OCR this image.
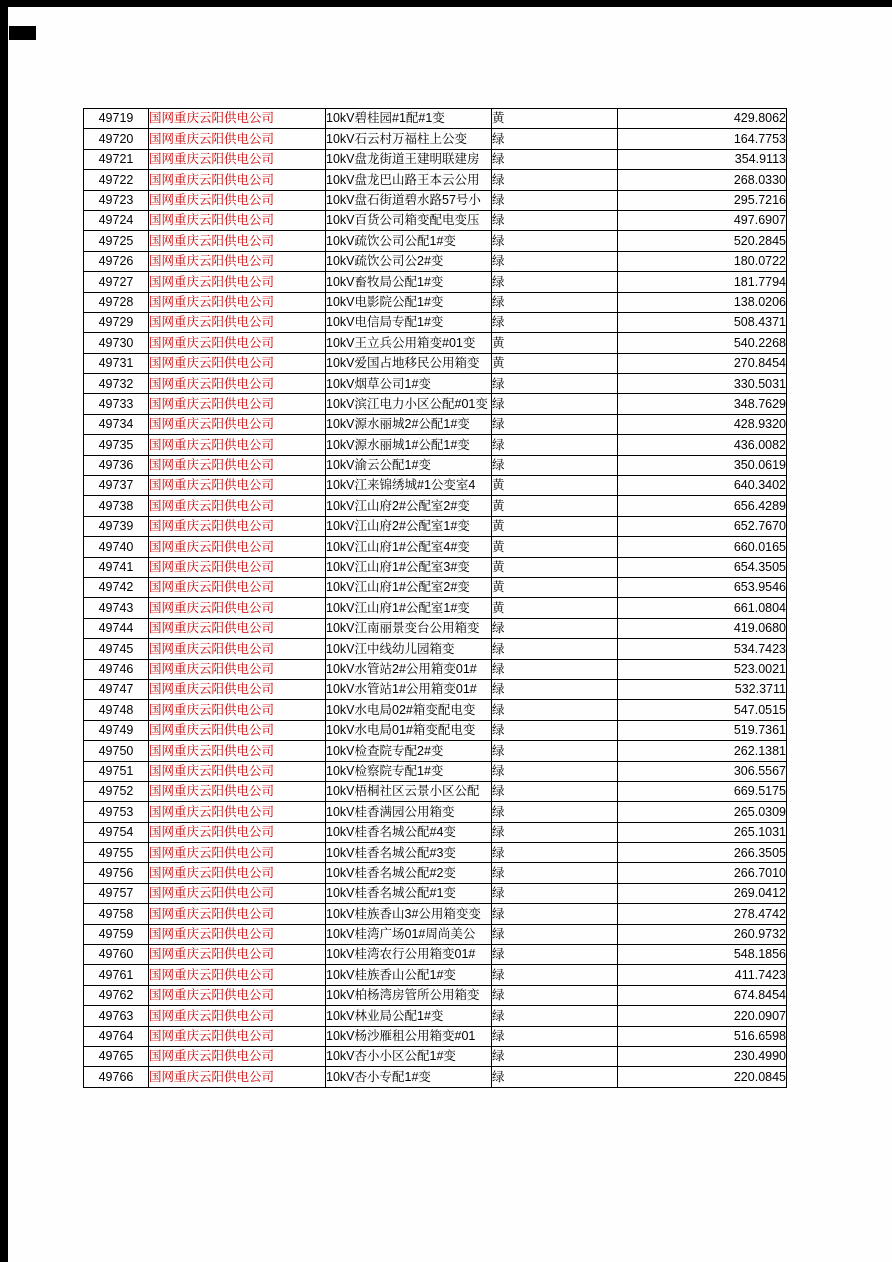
49719	国网重庆云阳供电公司	10kV碧桂园#1配#1变	黄	429.8062
49720	国网重庆云阳供电公司	10kV石云村万福柱上公变	绿	164.7753
49721	国网重庆云阳供电公司	10kV盘龙街道王建明联建房	绿	354.9113
49722	国网重庆云阳供电公司	10kV盘龙巴山路王本云公用	绿	268.0330
49723	国网重庆云阳供电公司	10kV盘石街道碧水路57号小	绿	295.7216
49724	国网重庆云阳供电公司	10kV百货公司箱变配电变压	绿	497.6907
49725	国网重庆云阳供电公司	10kV疏饮公司公配1#变	绿	520.2845
49726	国网重庆云阳供电公司	10kV疏饮公司公2#变	绿	180.0722
49727	国网重庆云阳供电公司	10kV畜牧局公配1#变	绿	181.7794
49728	国网重庆云阳供电公司	10kV电影院公配1#变	绿	138.0206
49729	国网重庆云阳供电公司	10kV电信局专配1#变	绿	508.4371
49730	国网重庆云阳供电公司	10kV王立兵公用箱变#01变	黄	540.2268
49731	国网重庆云阳供电公司	10kV爱国占地移民公用箱变	黄	270.8454
49732	国网重庆云阳供电公司	10kV烟草公司1#变	绿	330.5031
49733	国网重庆云阳供电公司	10kV滨江电力小区公配#01变	绿	348.7629
49734	国网重庆云阳供电公司	10kV源水丽城2#公配1#变	绿	428.9320
49735	国网重庆云阳供电公司	10kV源水丽城1#公配1#变	绿	436.0082
49736	国网重庆云阳供电公司	10kV渝云公配1#变	绿	350.0619
49737	国网重庆云阳供电公司	10kV江来锦绣城#1公变室4	黄	640.3402
49738	国网重庆云阳供电公司	10kV江山府2#公配室2#变	黄	656.4289
49739	国网重庆云阳供电公司	10kV江山府2#公配室1#变	黄	652.7670
49740	国网重庆云阳供电公司	10kV江山府1#公配室4#变	黄	660.0165
49741	国网重庆云阳供电公司	10kV江山府1#公配室3#变	黄	654.3505
49742	国网重庆云阳供电公司	10kV江山府1#公配室2#变	黄	653.9546
49743	国网重庆云阳供电公司	10kV江山府1#公配室1#变	黄	661.0804
49744	国网重庆云阳供电公司	10kV江南丽景变台公用箱变	绿	419.0680
49745	国网重庆云阳供电公司	10kV江中线幼儿园箱变	绿	534.7423
49746	国网重庆云阳供电公司	10kV水管站2#公用箱变01#	绿	523.0021
49747	国网重庆云阳供电公司	10kV水管站1#公用箱变01#	绿	532.3711
49748	国网重庆云阳供电公司	10kV水电局02#箱变配电变	绿	547.0515
49749	国网重庆云阳供电公司	10kV水电局01#箱变配电变	绿	519.7361
49750	国网重庆云阳供电公司	10kV检查院专配2#变	绿	262.1381
49751	国网重庆云阳供电公司	10kV检察院专配1#变	绿	306.5567
49752	国网重庆云阳供电公司	10kV梧桐社区云景小区公配	绿	669.5175
49753	国网重庆云阳供电公司	10kV桂香满园公用箱变	绿	265.0309
49754	国网重庆云阳供电公司	10kV桂香名城公配#4变	绿	265.1031
49755	国网重庆云阳供电公司	10kV桂香名城公配#3变	绿	266.3505
49756	国网重庆云阳供电公司	10kV桂香名城公配#2变	绿	266.7010
49757	国网重庆云阳供电公司	10kV桂香名城公配#1变	绿	269.0412
49758	国网重庆云阳供电公司	10kV桂族香山3#公用箱变变	绿	278.4742
49759	国网重庆云阳供电公司	10kV桂湾广场01#周尚美公	绿	260.9732
49760	国网重庆云阳供电公司	10kV桂湾农行公用箱变01#	绿	548.1856
49761	国网重庆云阳供电公司	10kV桂族香山公配1#变	绿	411.7423
49762	国网重庆云阳供电公司	10kV柏杨湾房管所公用箱变	绿	674.8454
49763	国网重庆云阳供电公司	10kV林业局公配1#变	绿	220.0907
49764	国网重庆云阳供电公司	10kV杨沙雁租公用箱变#01	绿	516.6598
49765	国网重庆云阳供电公司	10kV杏小小区公配1#变	绿	230.4990
49766	国网重庆云阳供电公司	10kV杏小专配1#变	绿	220.0845
